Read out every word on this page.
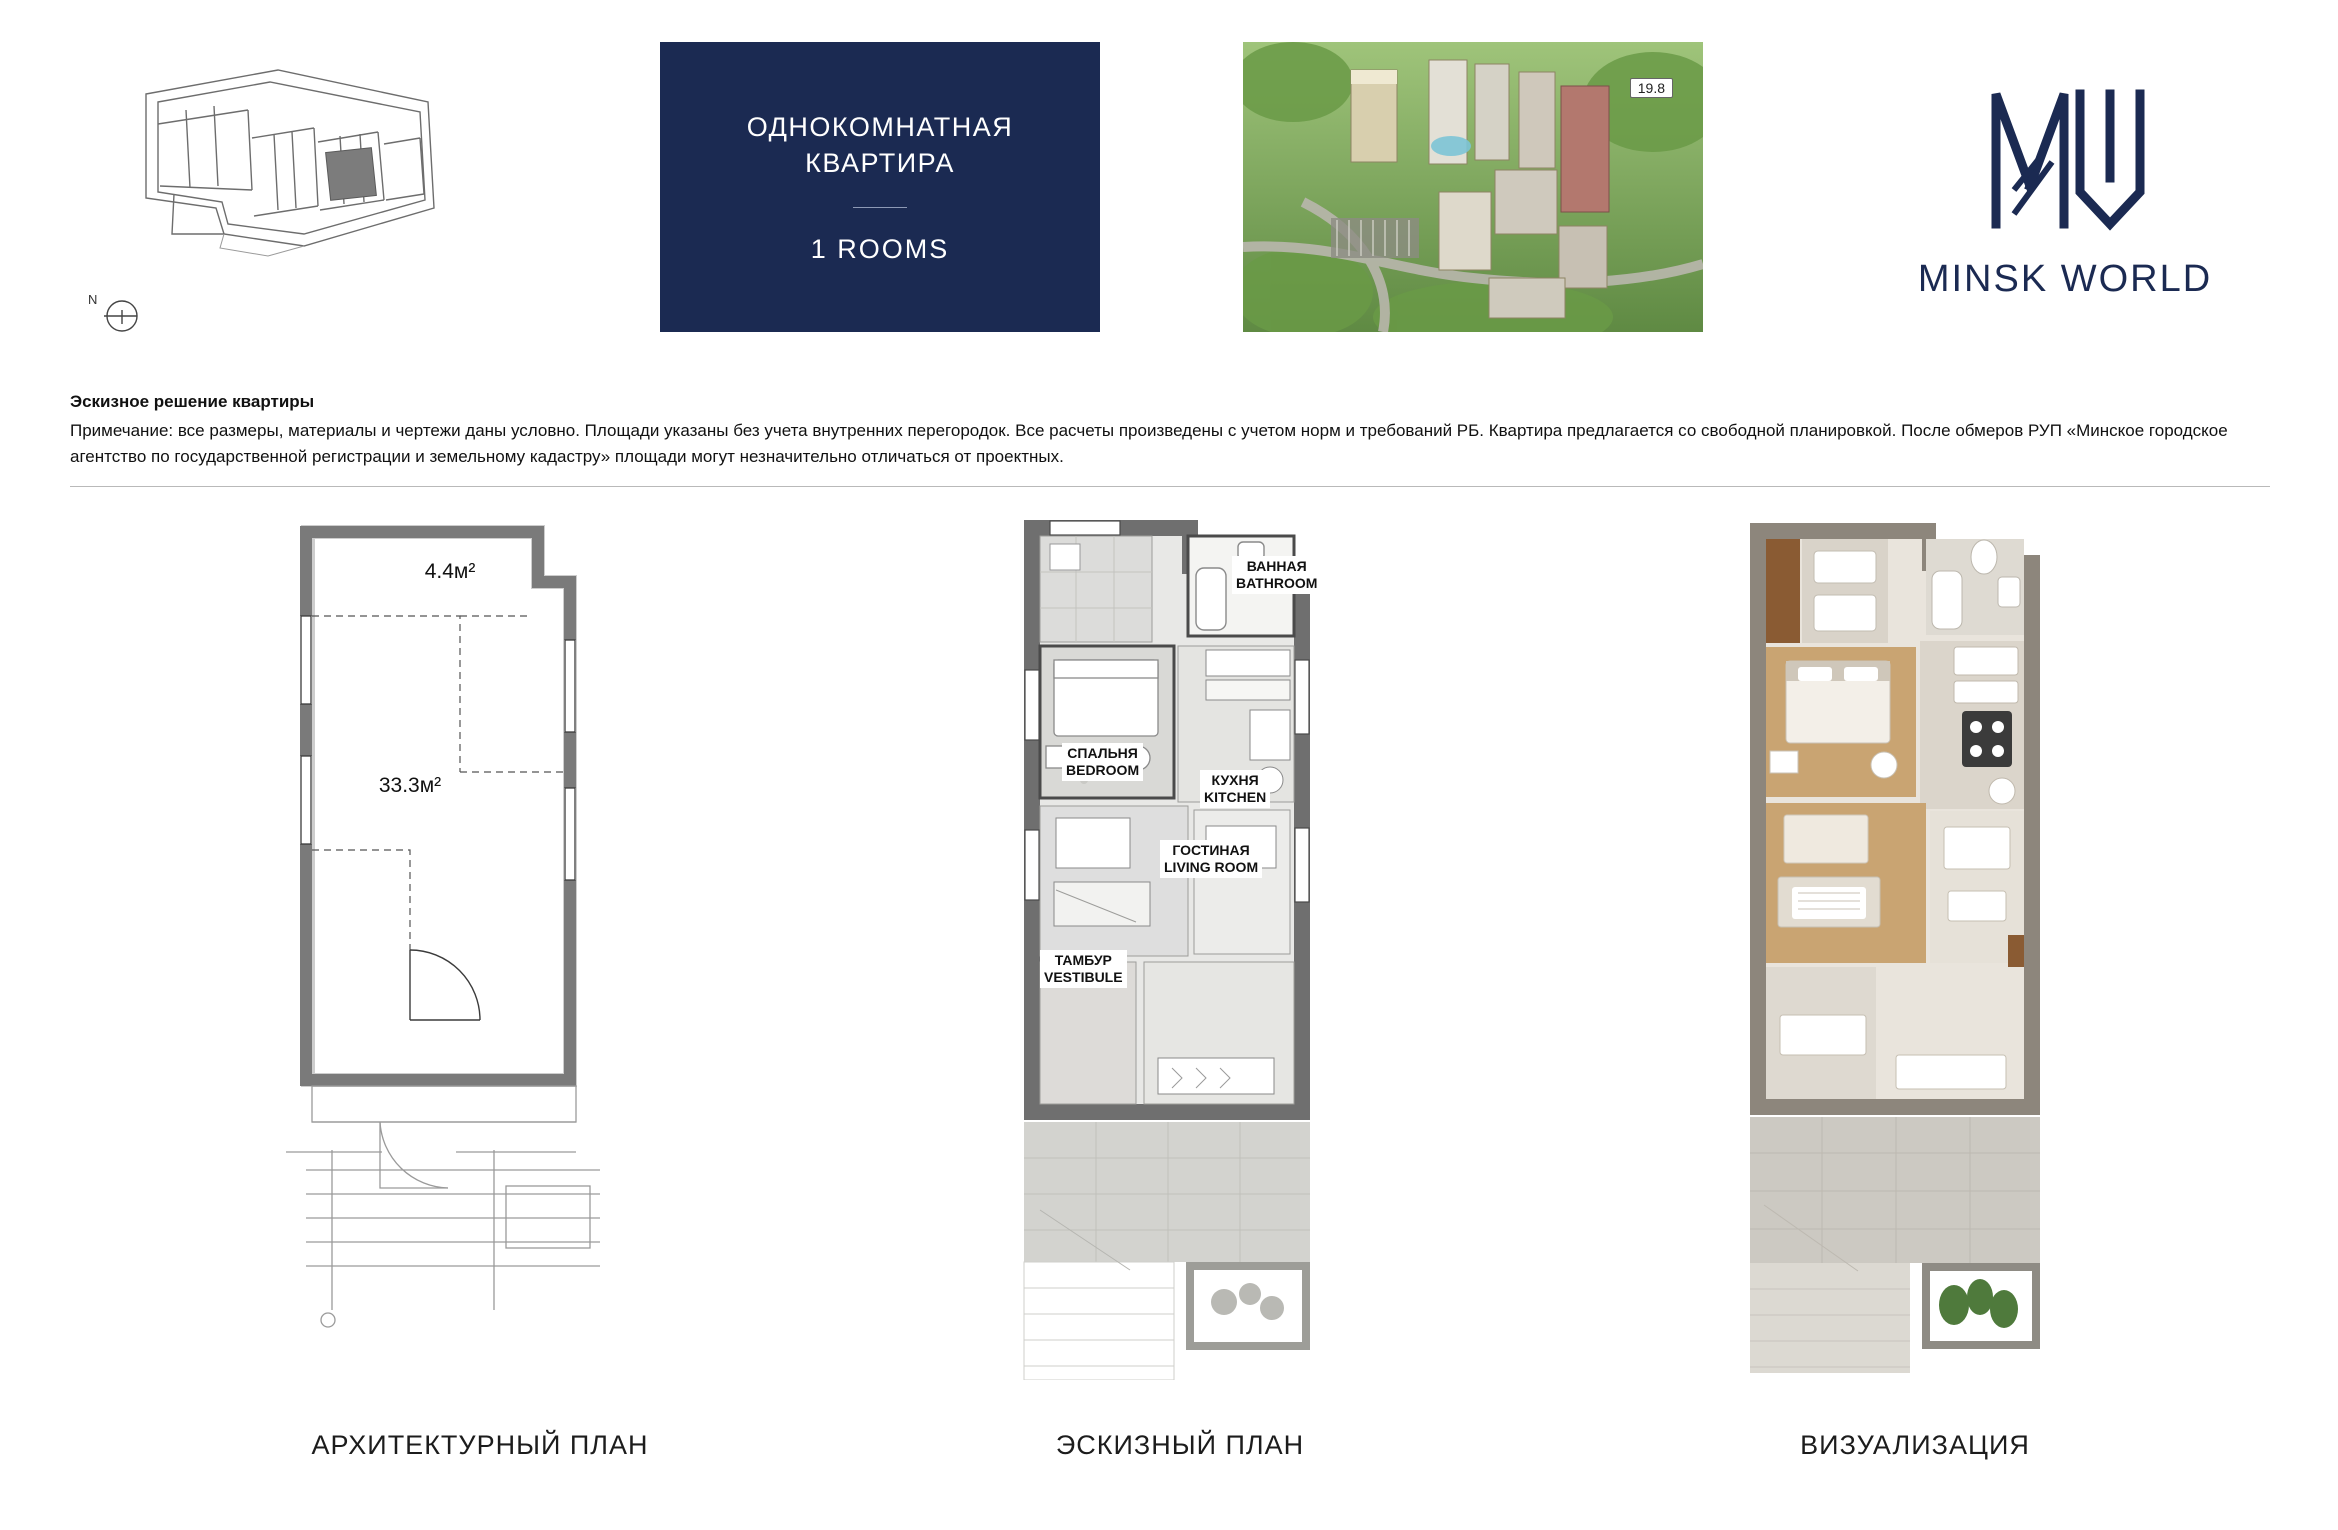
N
ОДНОКОМНАТНАЯ
КВАРТИРА
1 ROOMS
19.8
MINSK WORLD
Эскизное решение квартиры
Примечание: все размеры, материалы и чертежи даны условно. Площади указаны без учета внутренних перегородок. Все расчеты произведены с учетом норм и требований РБ. Квартира предлагается со свободной планировкой. После обмеров РУП «Минское городское агентство по государственной регистрации и земельному кадастру» площади могут незначительно отличаться от проектных.
4.4м²
33.3м²
АРХИТЕКТУРНЫЙ ПЛАН
ВАННАЯ
BATHROOM
СПАЛЬНЯ
BEDROOM
КУХНЯ
KITCHEN
ГОСТИНАЯ
LIVING ROOM
ТАМБУР
VESTIBULE
ЭСКИЗНЫЙ ПЛАН	ВИЗУАЛИЗАЦИЯ
